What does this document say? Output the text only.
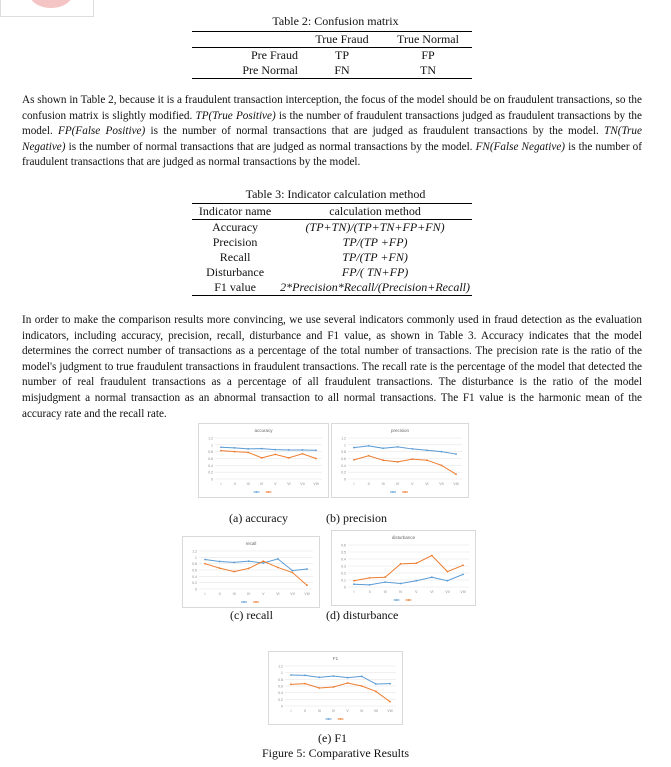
Table 2: Confusion matrix
	True Fraud	True Normal
Pre Fraud	TP	FP
Pre Normal	FN	TN
As shown in Table 2, because it is a fraudulent transaction interception, the focus of the model should be on fraudulent transactions, so the confusion matrix is slightly modified. TP(True Positive) is the number of fraudulent transactions judged as fraudulent transactions by the model. FP(False Positive) is the number of normal transactions that are judged as fraudulent transactions by the model. TN(True Negative) is the number of normal transactions that are judged as normal transactions by the model. FN(False Negative) is the number of fraudulent transactions that are judged as normal transactions by the model.
Table 3: Indicator calculation method
Indicator name	calculation method
Accuracy	(TP+TN)/(TP+TN+FP+FN)
Precision	TP/(TP +FP)
Recall	TP/(TP +FN)
Disturbance	FP/( TN+FP)
F1 value	2*Precision*Recall/(Precision+Recall)
In order to make the comparison results more convincing, we use several indicators commonly used in fraud detection as the evaluation indicators, including accuracy, precision, recall, disturbance and F1 value, as shown in Table 3. Accuracy indicates that the model determines the correct number of transactions as a percentage of the total number of transactions. The precision rate is the ratio of the model's judgment to true fraudulent transactions in fraudulent transactions. The recall rate is the percentage of the model that detected the number of real fraudulent transactions as a percentage of all fraudulent transactions. The disturbance is the ratio of the model misjudgment a normal transaction as an abnormal transaction to all normal transactions. The F1 value is the harmonic mean of the accuracy rate and the recall rate.
accuracy
0
0.2
0.4
0.6
0.8
1
1.2
I	II	III	IV	V	VI	VII	VIII
precision
0
0.2
0.4
0.6
0.8
1
1.2
I	II	III	IV	V	VI	VII	VIII
(a) accuracy	(b) precision
recall
0
0.2
0.4
0.6
0.8
1
1.2
I	II	III	IV	V	VI	VII	VIII
disturbance
0
0.1
0.2
0.3
0.4
0.5
0.6
I	II	III	IV	V	VI	VII	VIII
(c) recall	(d) disturbance
F1
0
0.2
0.4
0.6
0.8
1
1.2
I	II	III	IV	V	VI	VII	VIII
(e) F1
Figure 5: Comparative Results
